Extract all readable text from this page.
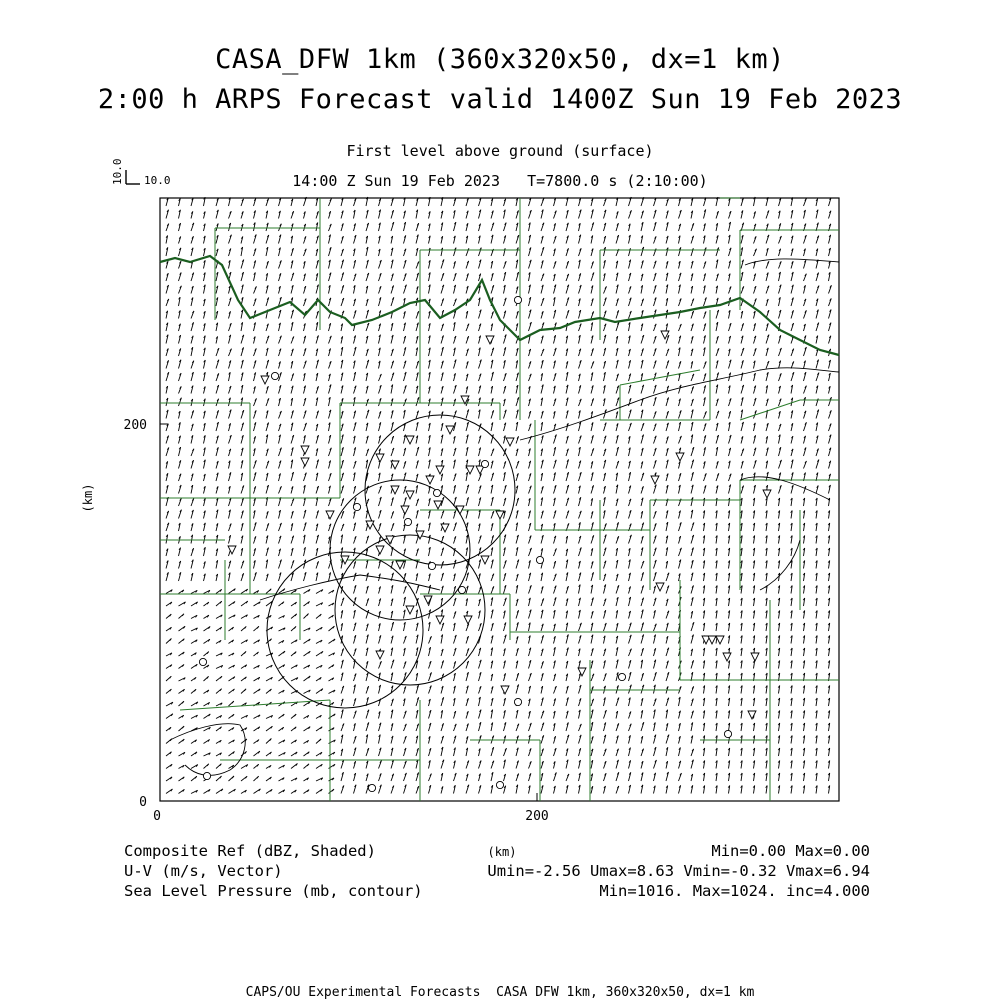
CASA_DFW 1km (360x320x50, dx=1 km)
2:00 h ARPS Forecast valid 1400Z Sun 19 Feb 2023
First level above ground (surface)
14:00 Z Sun 19 Feb 2023   T=7800.0 s (2:10:00)
10.0
10.0
0	200
0
200
(km)
(km)
Composite Ref (dBZ, Shaded)	Min=0.00 Max=0.00
U-V (m/s, Vector)	Umin=-2.56 Umax=8.63 Vmin=-0.32 Vmax=6.94
Sea Level Pressure (mb, contour)	Min=1016. Max=1024. inc=4.000
CAPS/OU Experimental Forecasts  CASA DFW 1km, 360x320x50, dx=1 km
